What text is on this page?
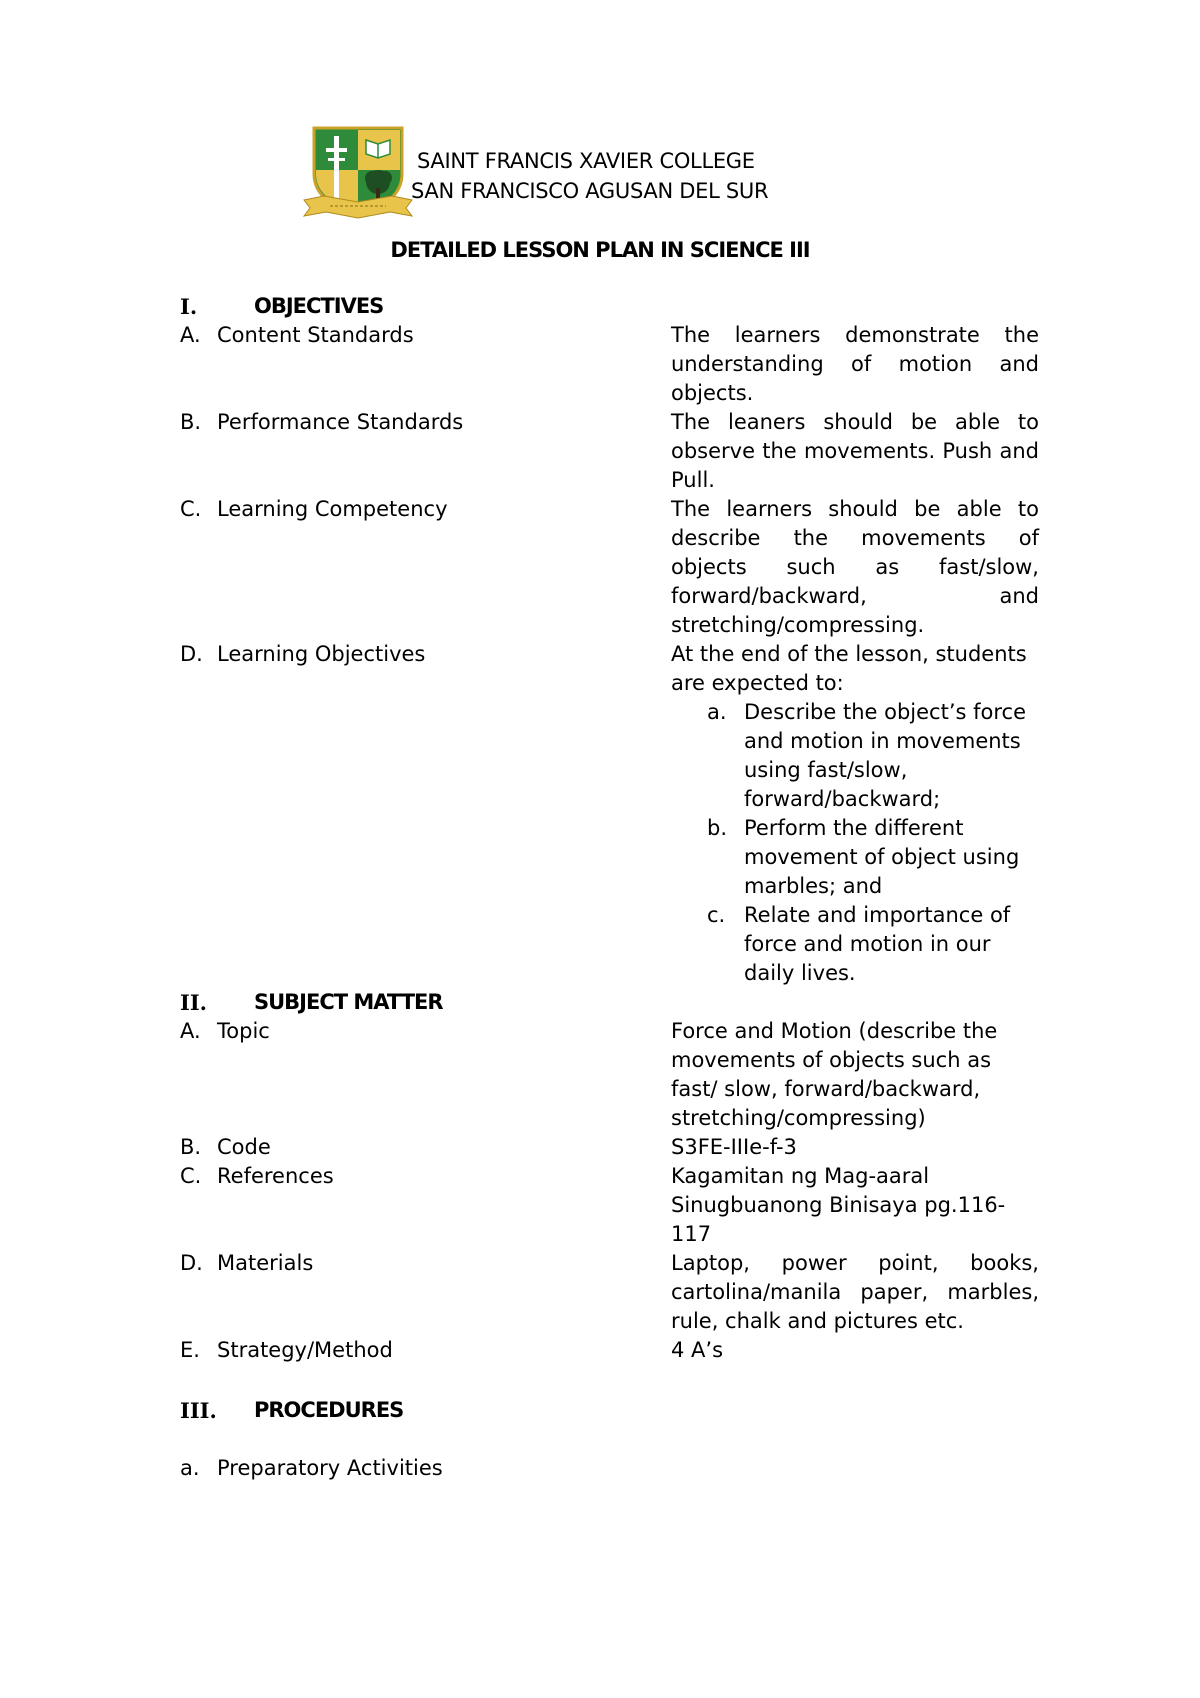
SAINT FRANCIS XAVIER COLLEGE
SAN FRANCISCO AGUSAN DEL SUR
DETAILED LESSON PLAN IN SCIENCE III
I.	OBJECTIVES
A. Content Standards	The learners demonstrate the understanding of motion and objects.
B. Performance Standards	The leaners should be able to observe the movements. Push and Pull.
C. Learning Competency	The learners should be able to describe the movements of objects such as fast/slow, forward/backward, and stretching/compressing.
D. Learning Objectives	At the end of the lesson, students are expected to:
a. Describe the object’s force and motion in movements using fast/slow, forward/backward;
b. Perform the different movement of object using marbles; and
c. Relate and importance of force and motion in our daily lives.
II.	SUBJECT MATTER
A. Topic	Force and Motion (describe the movements of objects such as fast/ slow, forward/backward, stretching/compressing)
B. Code	S3FE-IIIe-f-3
C. References	Kagamitan ng Mag-aaral Sinugbuanong Binisaya pg.116-117
D. Materials	Laptop, power point, books, cartolina/manila paper, marbles, rule, chalk and pictures etc.
E. Strategy/Method	4 A’s
III.	PROCEDURES
a. Preparatory Activities
